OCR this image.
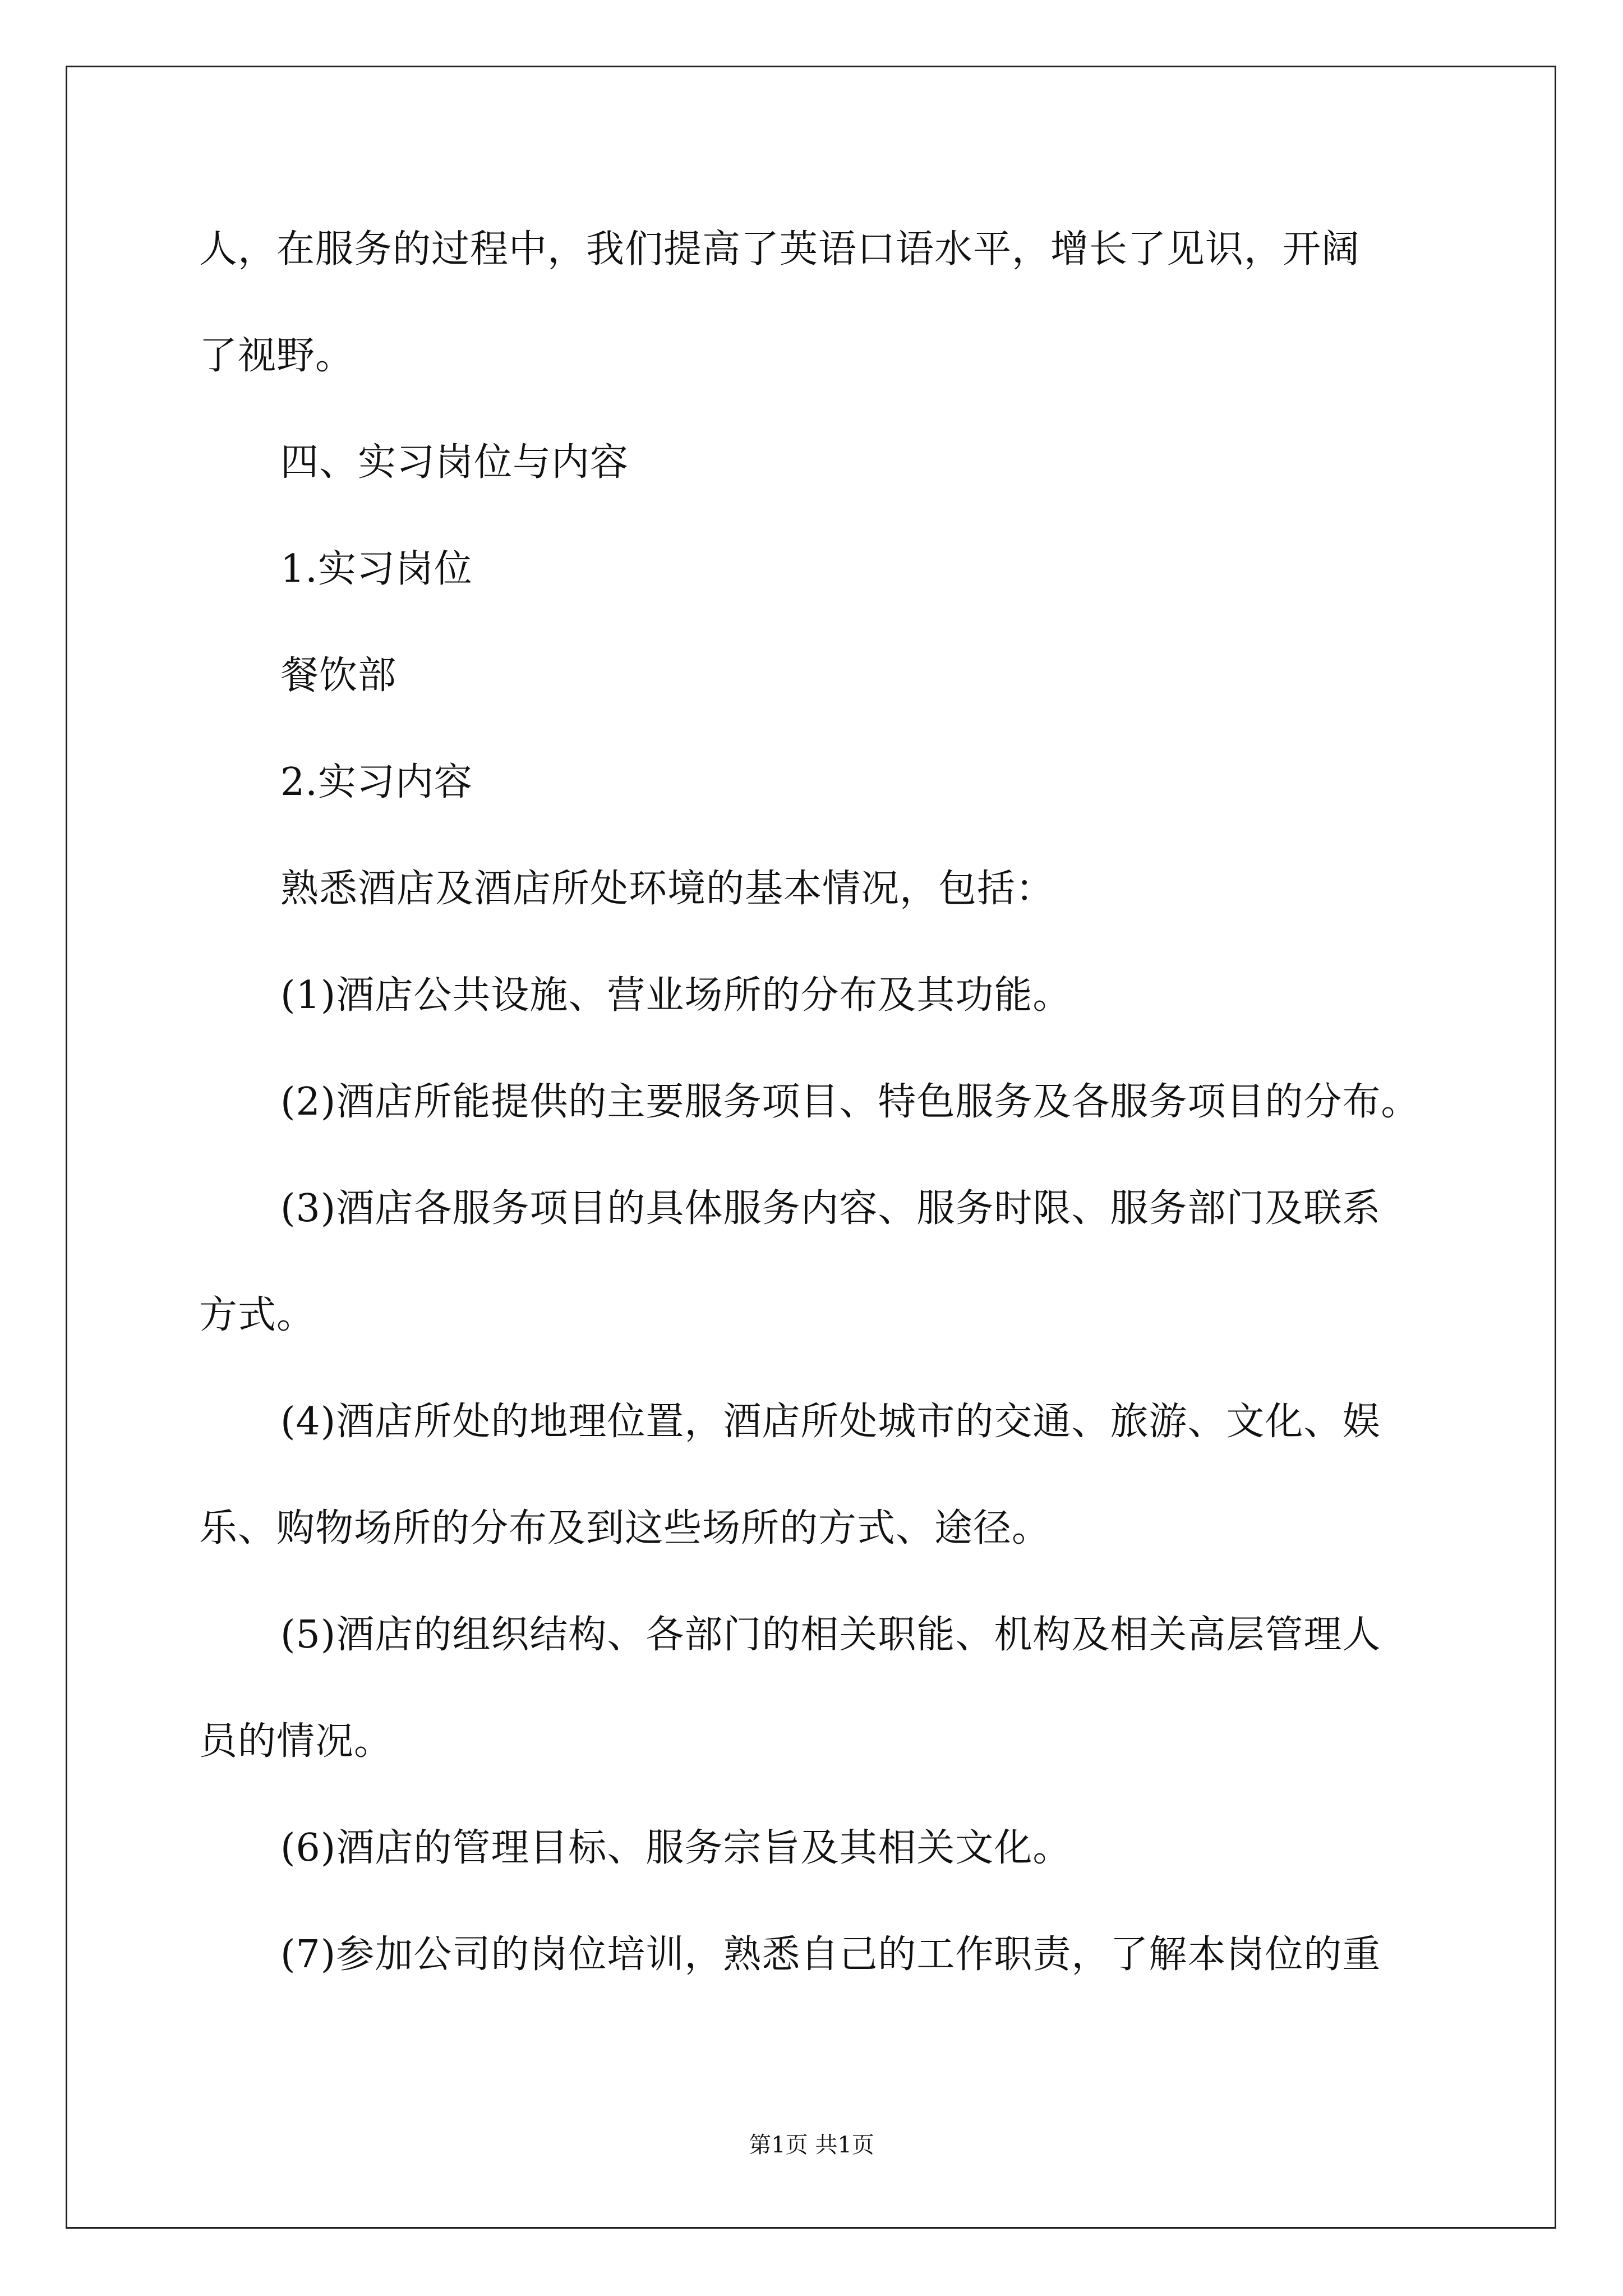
人，在服务的过程中，我们提高了英语口语水平，增长了见识，开阔
了视野。
四、实习岗位与内容
1.实习岗位
餐饮部
2.实习内容
熟悉酒店及酒店所处环境的基本情况，包括：
(1)酒店公共设施、营业场所的分布及其功能。
(2)酒店所能提供的主要服务项目、特色服务及各服务项目的分布。
(3)酒店各服务项目的具体服务内容、服务时限、服务部门及联系
方式。
(4)酒店所处的地理位置，酒店所处城市的交通、旅游、文化、娱
乐、购物场所的分布及到这些场所的方式、途径。
(5)酒店的组织结构、各部门的相关职能、机构及相关高层管理人
员的情况。
(6)酒店的管理目标、服务宗旨及其相关文化。
(7)参加公司的岗位培训，熟悉自己的工作职责，了解本岗位的重
第1页 共1页
